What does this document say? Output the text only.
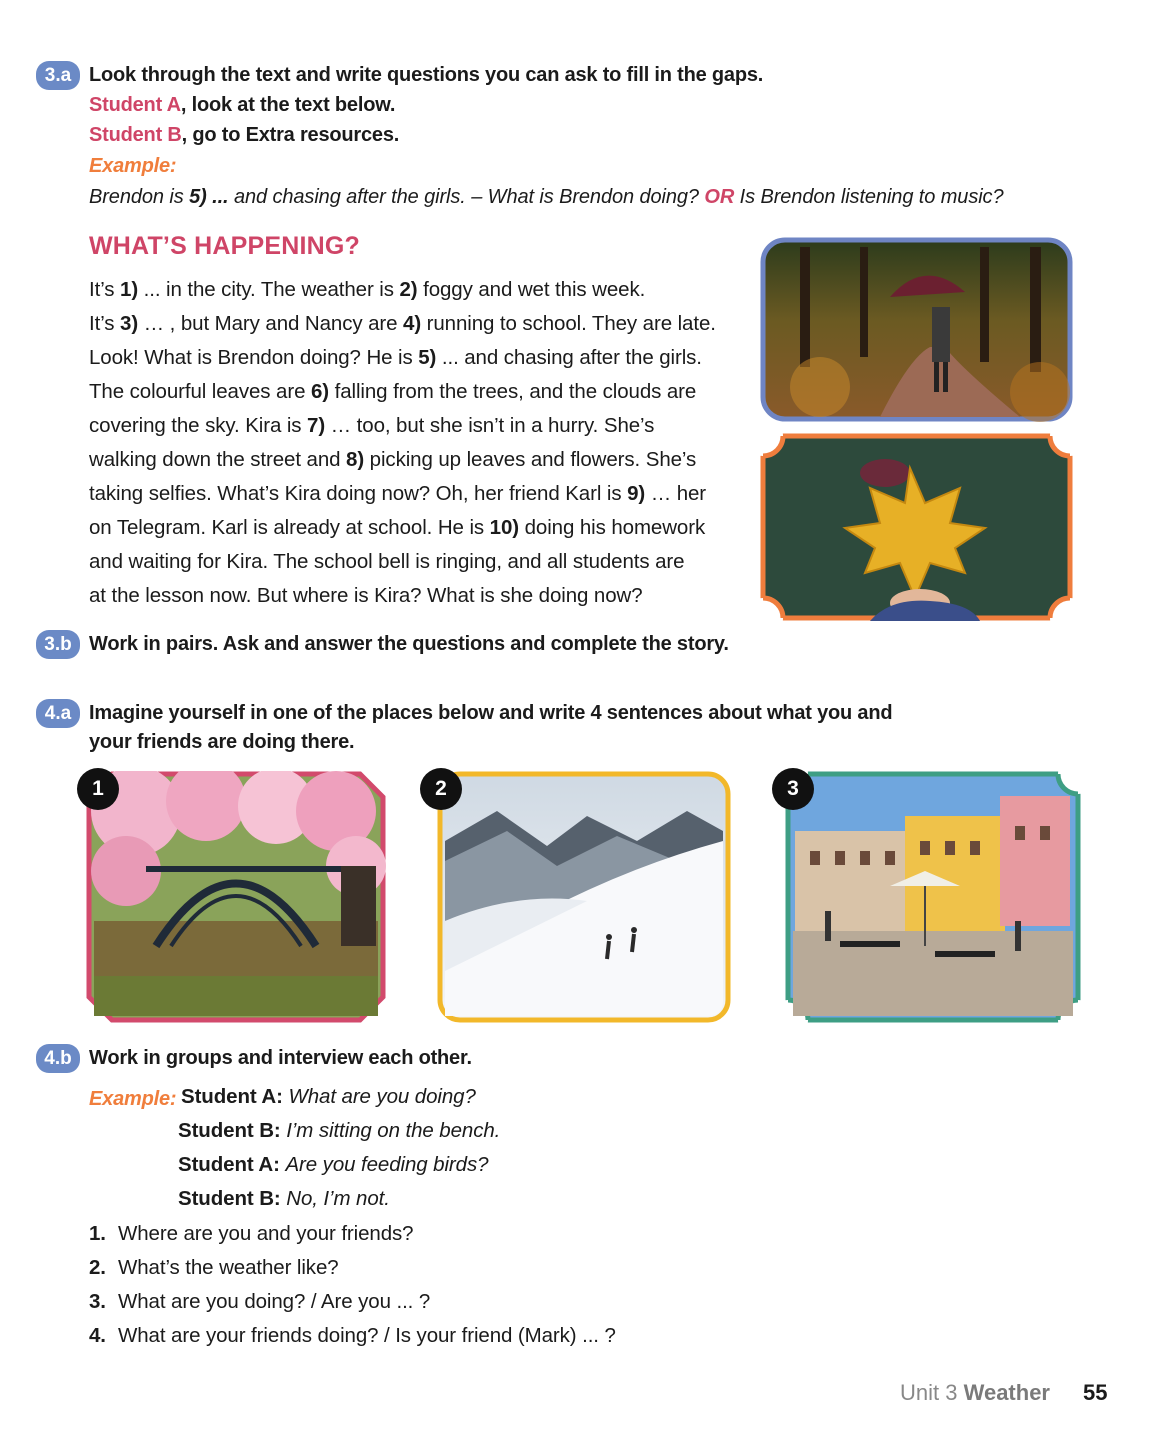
3.a Look through the text and write questions you can ask to fill in the gaps.
Student A, look at the text below.
Student B, go to Extra resources.
Example:
Brendon is 5) ... and chasing after the girls. – What is Brendon doing? OR Is Brendon listening to music?
WHAT’S HAPPENING?
It’s 1) ... in the city. The weather is 2) foggy and wet this week.
It’s 3) … , but Mary and Nancy are 4) running to school. They are late.
Look! What is Brendon doing? He is 5) ... and chasing after the girls.
The colourful leaves are 6) falling from the trees, and the clouds are
covering the sky. Kira is 7) … too, but she isn’t in a hurry. She’s
walking down the street and 8) picking up leaves and flowers. She’s
taking selfies. What’s Kira doing now? Oh, her friend Karl is 9) … her
on Telegram. Karl is already at school. He is 10) doing his homework
and waiting for Kira. The school bell is ringing, and all students are
at the lesson now. But where is Kira? What is she doing now?
3.b Work in pairs. Ask and answer the questions and complete the story.
4.a Imagine yourself in one of the places below and write 4 sentences about what you and
your friends are doing there.
1	2	3
4.b Work in groups and interview each other.
Example: Student A: What are you doing?
Student B: I’m sitting on the bench.
Student A: Are you feeding birds?
Student B: No, I’m not.
1. Where are you and your friends?
2. What’s the weather like?
3. What are you doing? / Are you ... ?
4. What are your friends doing? / Is your friend (Mark) ... ?
Unit 3 Weather 55
